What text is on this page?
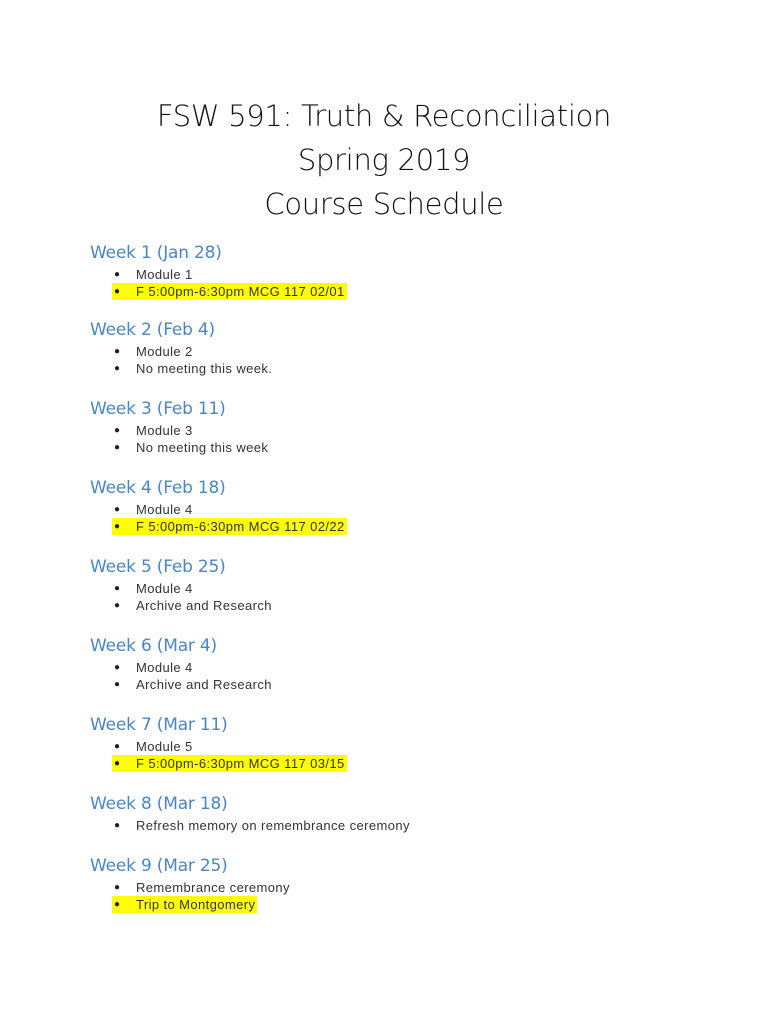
FSW 591: Truth & Reconciliation
Spring 2019
Course Schedule
Week 1 (Jan 28)
● Module 1
● F 5:00pm-6:30pm MCG 117 02/01
Week 2 (Feb 4)
● Module 2
● No meeting this week.
Week 3 (Feb 11)
● Module 3
● No meeting this week
Week 4 (Feb 18)
● Module 4
● F 5:00pm-6:30pm MCG 117 02/22
Week 5 (Feb 25)
● Module 4
● Archive and Research
Week 6 (Mar 4)
● Module 4
● Archive and Research
Week 7 (Mar 11)
● Module 5
● F 5:00pm-6:30pm MCG 117 03/15
Week 8 (Mar 18)
● Refresh memory on remembrance ceremony
Week 9 (Mar 25)
● Remembrance ceremony
● Trip to Montgomery
